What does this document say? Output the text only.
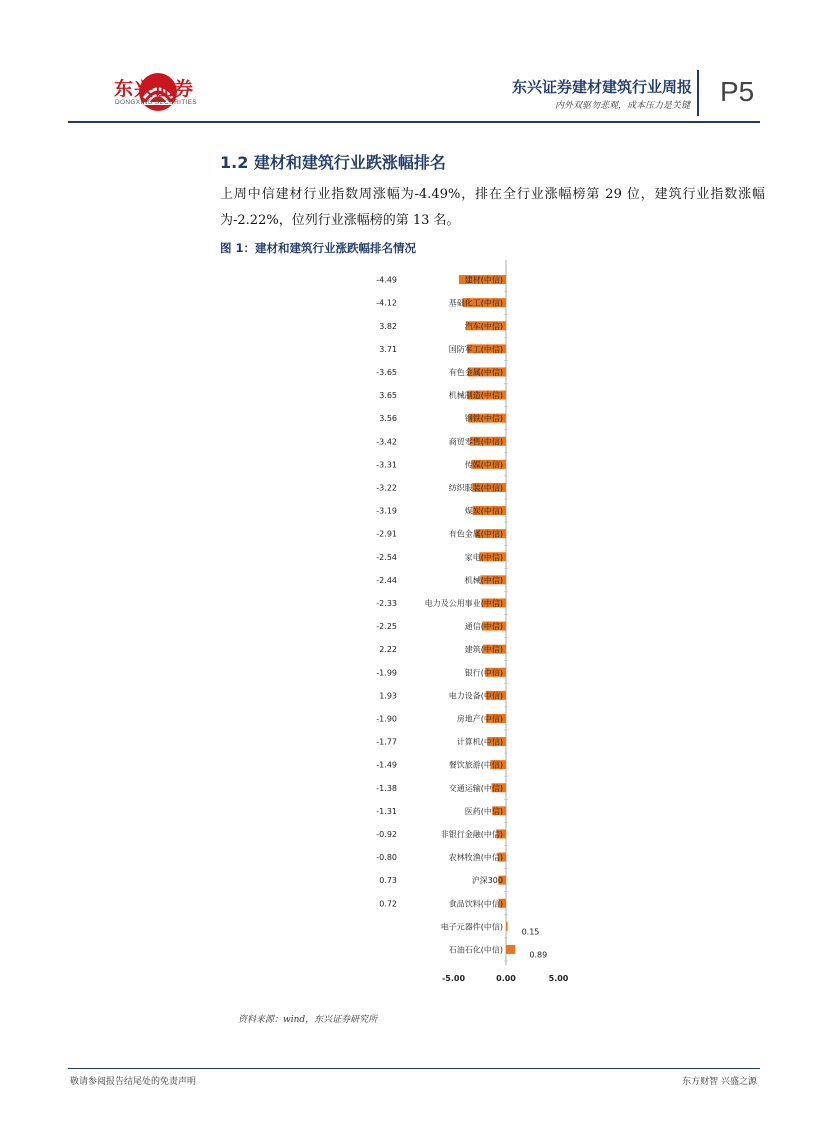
东兴证券
DONGXING SECURITIES
东兴证券建材建筑行业周报
内外双驱勿悲观，成本压力是关键 P5
1.2 建材和建筑行业跌涨幅排名
上周中信建材行业指数周涨幅为-4.49%，排在全行业涨幅榜第 29 位，建筑行业指数涨幅为-2.22%，位列行业涨幅榜的第 13 名。
图 1：建材和建筑行业涨跌幅排名情况
建材(中信)
-4.49
基础化工(中信)
-4.12
汽车(中信)
3.82
国防军工(中信)
3.71
有色金属(中信)
-3.65
机械制造(中信)
3.65
钢铁(中信)
3.56
商贸零售(中信)
-3.42
传媒(中信)
-3.31
纺织服装(中信)
-3.22
煤炭(中信)
-3.19
有色金属(中信)
-2.91
家电(中信)
-2.54
机械(中信)
-2.44
电力及公用事业(中信)
-2.33
通信(中信)
-2.25
建筑(中信)
2.22
银行(中信)
-1.99
电力设备(中信)
1.93
房地产(中信)
-1.90
计算机(中信)
-1.77
餐饮旅游(中信)
-1.49
交通运输(中信)
-1.38
医药(中信)
-1.31
非银行金融(中信)
-0.92
农林牧渔(中信)
-0.80
沪深300
0.73
食品饮料(中信)
0.72
电子元器件(中信)
0.15
石油石化(中信)
0.89
-5.00	0.00	5.00
资料来源：wind，东兴证券研究所
敬请参阅报告结尾处的免责声明	东方财智 兴盛之源
